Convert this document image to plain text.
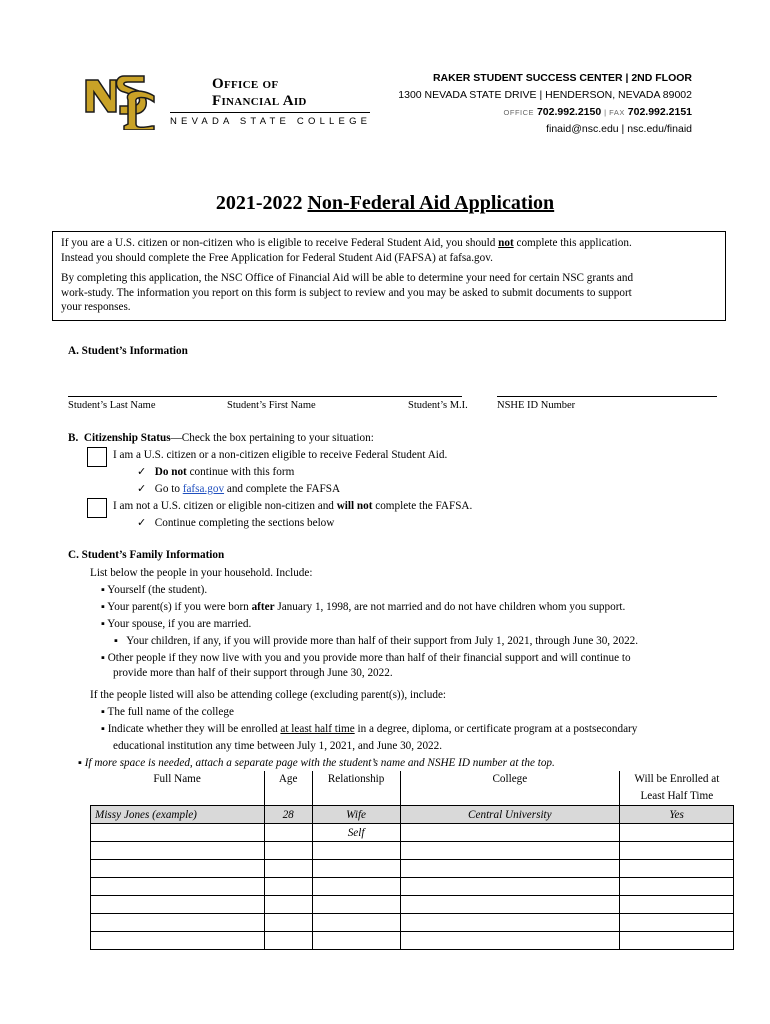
Office of
Financial Aid
NEVADA STATE COLLEGE
RAKER STUDENT SUCCESS CENTER | 2ND FLOOR
1300 NEVADA STATE DRIVE | HENDERSON, NEVADA 89002
OFFICE 702.992.2150 | FAX 702.992.2151
finaid@nsc.edu | nsc.edu/finaid
2021-2022 Non-Federal Aid Application

If you are a U.S. citizen or non-citizen who is eligible to receive Federal Student Aid, you should not complete this application.
Instead you should complete the Free Application for Federal Student Aid (FAFSA) at fafsa.gov.

By completing this application, the NSC Office of Financial Aid will be able to determine your need for certain NSC grants and
work-study. The information you report on this form is subject to review and you may be asked to submit documents to support
your responses.

A. Student’s Information
Student’s Last Name	Student’s First Name	Student’s M.I.	NSHE ID Number
B. Citizenship Status—Check the box pertaining to your situation:
I am a U.S. citizen or a non-citizen eligible to receive Federal Student Aid.
✓ Do not continue with this form
✓ Go to fafsa.gov and complete the FAFSA
I am not a U.S. citizen or eligible non-citizen and will not complete the FAFSA.
✓ Continue completing the sections below
C. Student’s Family Information
List below the people in your household. Include:
▪ Yourself (the student).
▪ Your parent(s) if you were born after January 1, 1998, are not married and do not have children whom you support.
▪ Your spouse, if you are married.
▪ Your children, if any, if you will provide more than half of their support from July 1, 2021, through June 30, 2022.
▪ Other people if they now live with you and you provide more than half of their financial support and will continue to
provide more than half of their support through June 30, 2022.
If the people listed will also be attending college (excluding parent(s)), include:
▪ The full name of the college
▪ Indicate whether they will be enrolled at least half time in a degree, diploma, or certificate program at a postsecondary
educational institution any time between July 1, 2021, and June 30, 2022.
▪ If more space is needed, attach a separate page with the student’s name and NSHE ID number at the top.
Full Name	Age	Relationship	College	Will be Enrolled at Least Half Time
Missy Jones (example)	28	Wife	Central University	Yes
		Self		
